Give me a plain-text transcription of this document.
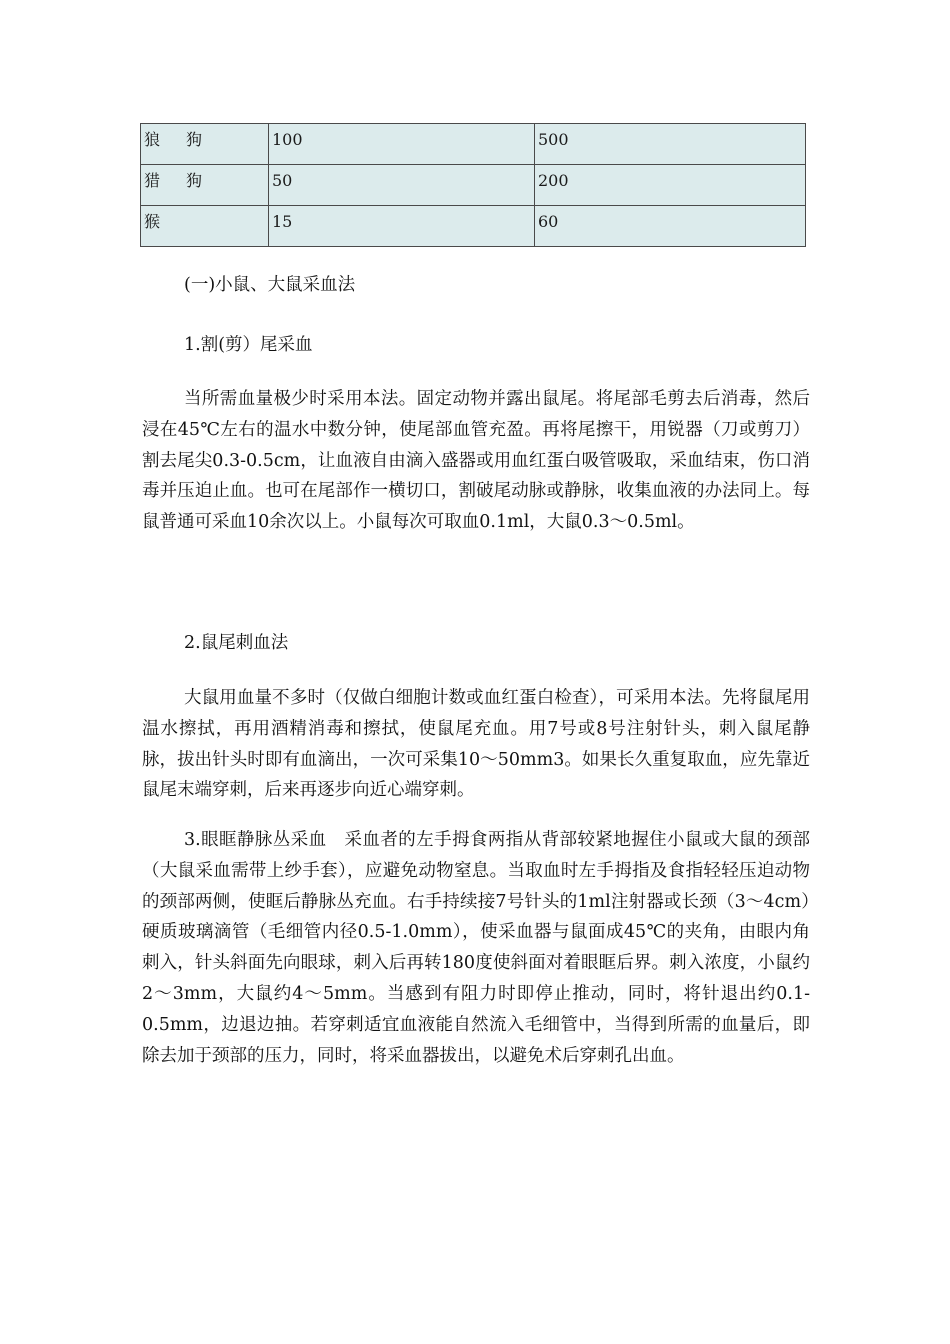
狼狗	100	500
猎狗	50	200
猴	15	60

(一)小鼠、大鼠采血法

1.割(剪）尾采血

当所需血量极少时采用本法。固定动物并露出鼠尾。将尾部毛剪去后消毒，然后浸在45℃左右的温水中数分钟，使尾部血管充盈。再将尾擦干，用锐器（刀或剪刀）割去尾尖0.3-0.5cm，让血液自由滴入盛器或用血红蛋白吸管吸取，采血结束，伤口消毒并压迫止血。也可在尾部作一横切口，割破尾动脉或静脉，收集血液的办法同上。每鼠普通可采血10余次以上。小鼠每次可取血0.1ml，大鼠0.3～0.5ml。

2.鼠尾刺血法

大鼠用血量不多时（仅做白细胞计数或血红蛋白检查），可采用本法。先将鼠尾用温水擦拭，再用酒精消毒和擦拭，使鼠尾充血。用7号或8号注射针头，刺入鼠尾静脉，拔出针头时即有血滴出，一次可采集10～50mm3。如果长久重复取血，应先靠近鼠尾末端穿刺，后来再逐步向近心端穿刺。

3.眼眶静脉丛采血　采血者的左手拇食两指从背部较紧地握住小鼠或大鼠的颈部（大鼠采血需带上纱手套），应避免动物窒息。当取血时左手拇指及食指轻轻压迫动物的颈部两侧，使眶后静脉丛充血。右手持续接7号针头的1ml注射器或长颈（3～4cm）硬质玻璃滴管（毛细管内径0.5-1.0mm），使采血器与鼠面成45℃的夹角，由眼内角刺入，针头斜面先向眼球，刺入后再转180度使斜面对着眼眶后界。刺入浓度，小鼠约2～3mm，大鼠约4～5mm。当感到有阻力时即停止推动，同时，将针退出约0.1-0.5mm，边退边抽。若穿刺适宜血液能自然流入毛细管中，当得到所需的血量后，即除去加于颈部的压力，同时，将采血器拔出，以避免术后穿刺孔出血。
